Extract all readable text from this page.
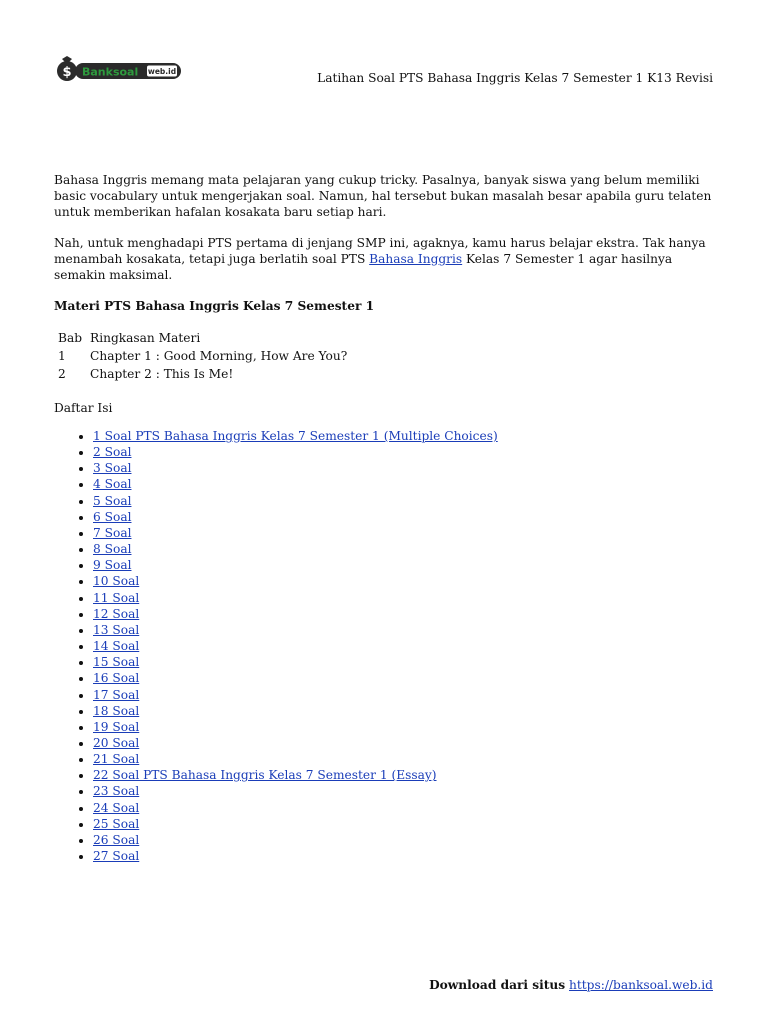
$ Banksoal web.id	Latihan Soal PTS Bahasa Inggris Kelas 7 Semester 1 K13 Revisi

Bahasa Inggris memang mata pelajaran yang cukup tricky. Pasalnya, banyak siswa yang belum memiliki basic vocabulary untuk mengerjakan soal. Namun, hal tersebut bukan masalah besar apabila guru telaten untuk memberikan hafalan kosakata baru setiap hari.

Nah, untuk menghadapi PTS pertama di jenjang SMP ini, agaknya, kamu harus belajar ekstra. Tak hanya menambah kosakata, tetapi juga berlatih soal PTS Bahasa Inggris Kelas 7 Semester 1 agar hasilnya semakin maksimal.

Materi PTS Bahasa Inggris Kelas 7 Semester 1
Bab	Ringkasan Materi
1	Chapter 1 : Good Morning, How Are You?
2	Chapter 2 : This Is Me!
Daftar Isi
• 1 Soal PTS Bahasa Inggris Kelas 7 Semester 1 (Multiple Choices)
• 2 Soal
• 3 Soal
• 4 Soal
• 5 Soal
• 6 Soal
• 7 Soal
• 8 Soal
• 9 Soal
• 10 Soal
• 11 Soal
• 12 Soal
• 13 Soal
• 14 Soal
• 15 Soal
• 16 Soal
• 17 Soal
• 18 Soal
• 19 Soal
• 20 Soal
• 21 Soal
• 22 Soal PTS Bahasa Inggris Kelas 7 Semester 1 (Essay)
• 23 Soal
• 24 Soal
• 25 Soal
• 26 Soal
• 27 Soal
Download dari situs https://banksoal.web.id
